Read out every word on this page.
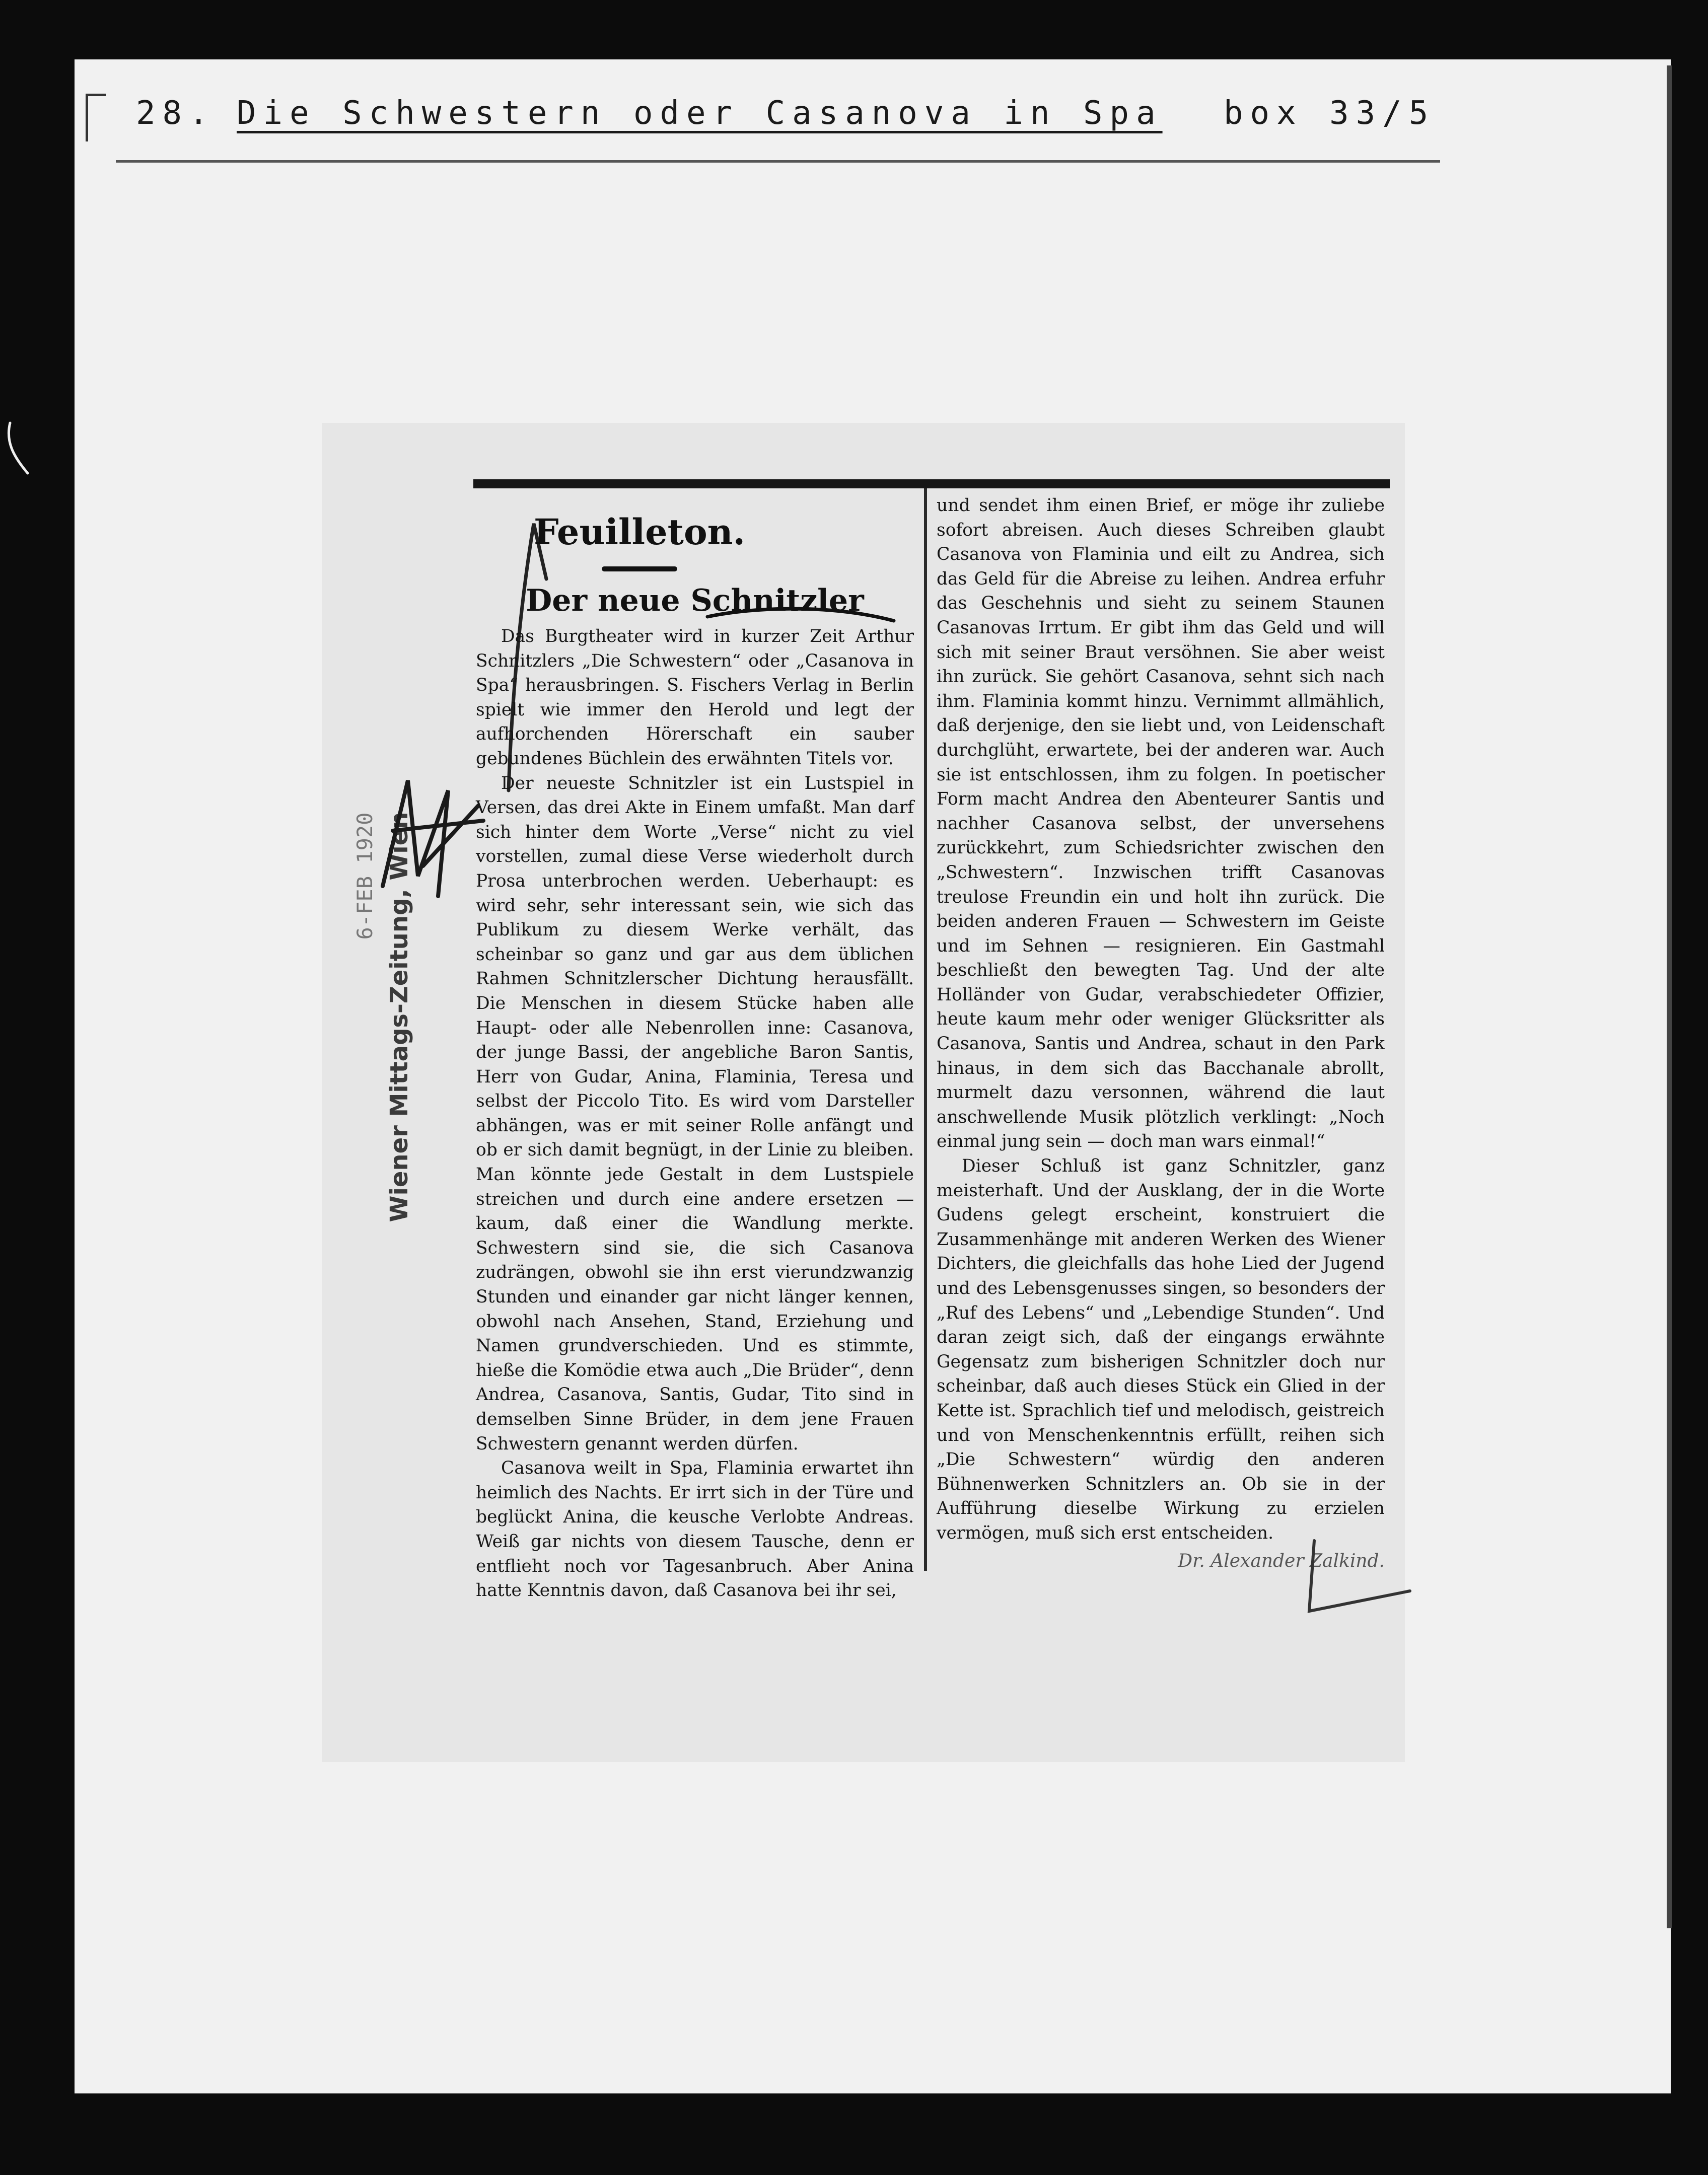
28. Die Schwestern oder Casanova in Spa box 33/5
Wiener Mittags-Zeitung, Wien
6-FEB 1920
Feuilleton.
Der neue Schnitzler

Das Burgtheater wird in kurzer Zeit Arthur Schnitzlers „Die Schwestern“ oder „Casanova in Spa“ herausbringen. S. Fischers Verlag in Berlin spielt wie immer den Herold und legt der aufhorchenden Hörerschaft ein sauber gebundenes Büchlein des erwähnten Titels vor.

Der neueste Schnitzler ist ein Lustspiel in Versen, das drei Akte in Einem umfaßt. Man darf sich hinter dem Worte „Verse“ nicht zu viel vorstellen, zumal diese Verse wiederholt durch Prosa unterbrochen werden. Ueberhaupt: es wird sehr, sehr interessant sein, wie sich das Publikum zu diesem Werke verhält, das scheinbar so ganz und gar aus dem üblichen Rahmen Schnitzlerscher Dichtung herausfällt. Die Menschen in diesem Stücke haben alle Haupt- oder alle Nebenrollen inne: Casanova, der junge Bassi, der angebliche Baron Santis, Herr von Gudar, Anina, Flaminia, Teresa und selbst der Piccolo Tito. Es wird vom Darsteller abhängen, was er mit seiner Rolle anfängt und ob er sich damit begnügt, in der Linie zu bleiben. Man könnte jede Gestalt in dem Lustspiele streichen und durch eine andere ersetzen — kaum, daß einer die Wandlung merkte. Schwestern sind sie, die sich Casanova zudrängen, obwohl sie ihn erst vierundzwanzig Stunden und einander gar nicht länger kennen, obwohl nach Ansehen, Stand, Erziehung und Namen grundverschieden. Und es stimmte, hieße die Komödie etwa auch „Die Brüder“, denn Andrea, Casanova, Santis, Gudar, Tito sind in demselben Sinne Brüder, in dem jene Frauen Schwestern genannt werden dürfen.

Casanova weilt in Spa, Flaminia erwartet ihn heimlich des Nachts. Er irrt sich in der Türe und beglückt Anina, die keusche Verlobte Andreas. Weiß gar nichts von diesem Tausche, denn er entflieht noch vor Tagesanbruch. Aber Anina hatte Kenntnis davon, daß Casanova bei ihr sei,

und sendet ihm einen Brief, er möge ihr zuliebe sofort abreisen. Auch dieses Schreiben glaubt Casanova von Flaminia und eilt zu Andrea, sich das Geld für die Abreise zu leihen. Andrea erfuhr das Geschehnis und sieht zu seinem Staunen Casanovas Irrtum. Er gibt ihm das Geld und will sich mit seiner Braut versöhnen. Sie aber weist ihn zurück. Sie gehört Casanova, sehnt sich nach ihm. Flaminia kommt hinzu. Vernimmt allmählich, daß derjenige, den sie liebt und, von Leidenschaft durchglüht, erwartete, bei der anderen war. Auch sie ist entschlossen, ihm zu folgen. In poetischer Form macht Andrea den Abenteurer Santis und nachher Casanova selbst, der unversehens zurückkehrt, zum Schiedsrichter zwischen den „Schwestern“. Inzwischen trifft Casanovas treulose Freundin ein und holt ihn zurück. Die beiden anderen Frauen — Schwestern im Geiste und im Sehnen — resignieren. Ein Gastmahl beschließt den bewegten Tag. Und der alte Holländer von Gudar, verabschiedeter Offizier, heute kaum mehr oder weniger Glücksritter als Casanova, Santis und Andrea, schaut in den Park hinaus, in dem sich das Bacchanale abrollt, murmelt dazu versonnen, während die laut anschwellende Musik plötzlich verklingt: „Noch einmal jung sein — doch man wars einmal!“

Dieser Schluß ist ganz Schnitzler, ganz meisterhaft. Und der Ausklang, der in die Worte Gudens gelegt erscheint, konstruiert die Zusammenhänge mit anderen Werken des Wiener Dichters, die gleichfalls das hohe Lied der Jugend und des Lebensgenusses singen, so besonders der „Ruf des Lebens“ und „Lebendige Stunden“. Und daran zeigt sich, daß der eingangs erwähnte Gegensatz zum bisherigen Schnitzler doch nur scheinbar, daß auch dieses Stück ein Glied in der Kette ist. Sprachlich tief und melodisch, geistreich und von Menschenkenntnis erfüllt, reihen sich „Die Schwestern“ würdig den anderen Bühnenwerken Schnitzlers an. Ob sie in der Aufführung dieselbe Wirkung zu erzielen vermögen, muß sich erst entscheiden.

Dr. Alexander Zalkind.
